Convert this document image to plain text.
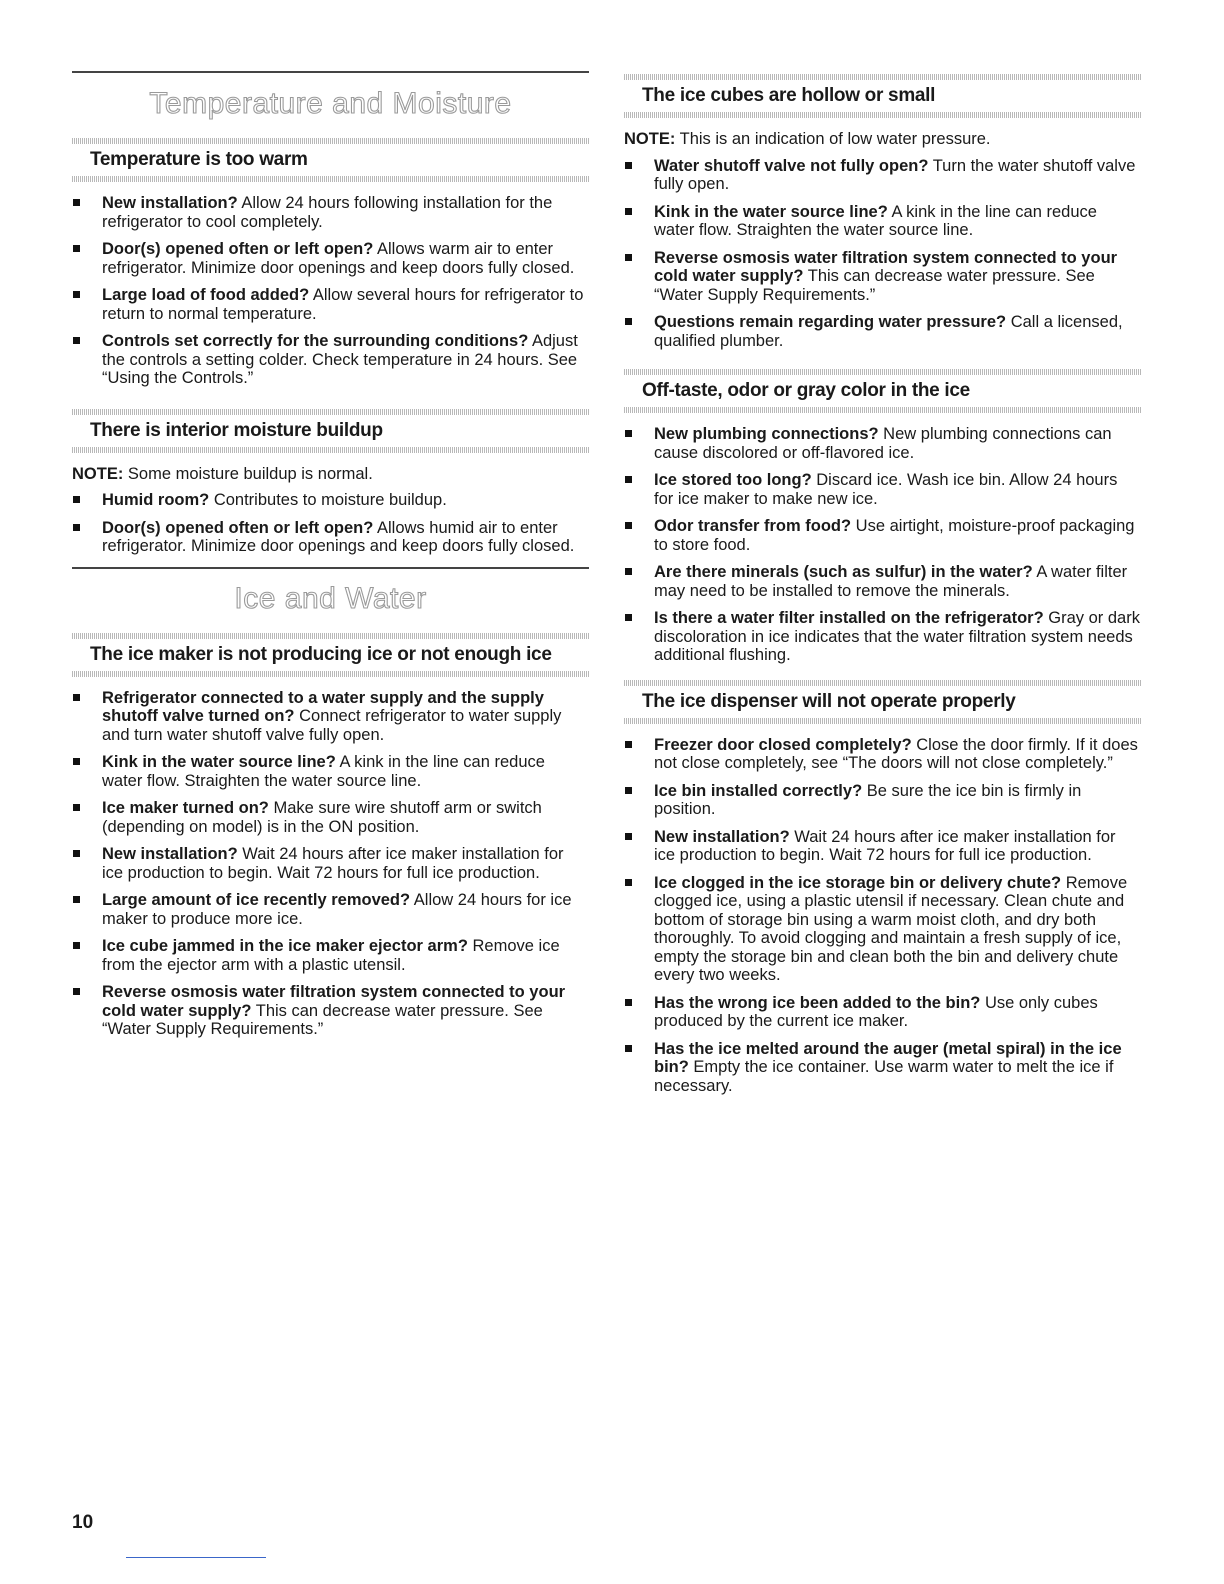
Temperature and Moisture
Temperature is too warm
New installation? Allow 24 hours following installation for the refrigerator to cool completely.
Door(s) opened often or left open? Allows warm air to enter refrigerator. Minimize door openings and keep doors fully closed.
Large load of food added? Allow several hours for refrigerator to return to normal temperature.
Controls set correctly for the surrounding conditions? Adjust the controls a setting colder. Check temperature in 24 hours. See “Using the Controls.”
There is interior moisture buildup

NOTE: Some moisture buildup is normal.

Humid room? Contributes to moisture buildup.
Door(s) opened often or left open? Allows humid air to enter refrigerator. Minimize door openings and keep doors fully closed.
Ice and Water
The ice maker is not producing ice or not enough ice
Refrigerator connected to a water supply and the supply shutoff valve turned on? Connect refrigerator to water supply and turn water shutoff valve fully open.
Kink in the water source line? A kink in the line can reduce water flow. Straighten the water source line.
Ice maker turned on? Make sure wire shutoff arm or switch (depending on model) is in the ON position.
New installation? Wait 24 hours after ice maker installation for ice production to begin. Wait 72 hours for full ice production.
Large amount of ice recently removed? Allow 24 hours for ice maker to produce more ice.
Ice cube jammed in the ice maker ejector arm? Remove ice from the ejector arm with a plastic utensil.
Reverse osmosis water filtration system connected to your cold water supply? This can decrease water pressure. See “Water Supply Requirements.”
The ice cubes are hollow or small

NOTE: This is an indication of low water pressure.

Water shutoff valve not fully open? Turn the water shutoff valve fully open.
Kink in the water source line? A kink in the line can reduce water flow. Straighten the water source line.
Reverse osmosis water filtration system connected to your cold water supply? This can decrease water pressure. See “Water Supply Requirements.”
Questions remain regarding water pressure? Call a licensed, qualified plumber.
Off-taste, odor or gray color in the ice
New plumbing connections? New plumbing connections can cause discolored or off-flavored ice.
Ice stored too long? Discard ice. Wash ice bin. Allow 24 hours for ice maker to make new ice.
Odor transfer from food? Use airtight, moisture-proof packaging to store food.
Are there minerals (such as sulfur) in the water? A water filter may need to be installed to remove the minerals.
Is there a water filter installed on the refrigerator? Gray or dark discoloration in ice indicates that the water filtration system needs additional flushing.
The ice dispenser will not operate properly
Freezer door closed completely? Close the door firmly. If it does not close completely, see “The doors will not close completely.”
Ice bin installed correctly? Be sure the ice bin is firmly in position.
New installation? Wait 24 hours after ice maker installation for ice production to begin. Wait 72 hours for full ice production.
Ice clogged in the ice storage bin or delivery chute? Remove clogged ice, using a plastic utensil if necessary. Clean chute and bottom of storage bin using a warm moist cloth, and dry both thoroughly. To avoid clogging and maintain a fresh supply of ice, empty the storage bin and clean both the bin and delivery chute every two weeks.
Has the wrong ice been added to the bin? Use only cubes produced by the current ice maker.
Has the ice melted around the auger (metal spiral) in the ice bin? Empty the ice container. Use warm water to melt the ice if necessary.
10
